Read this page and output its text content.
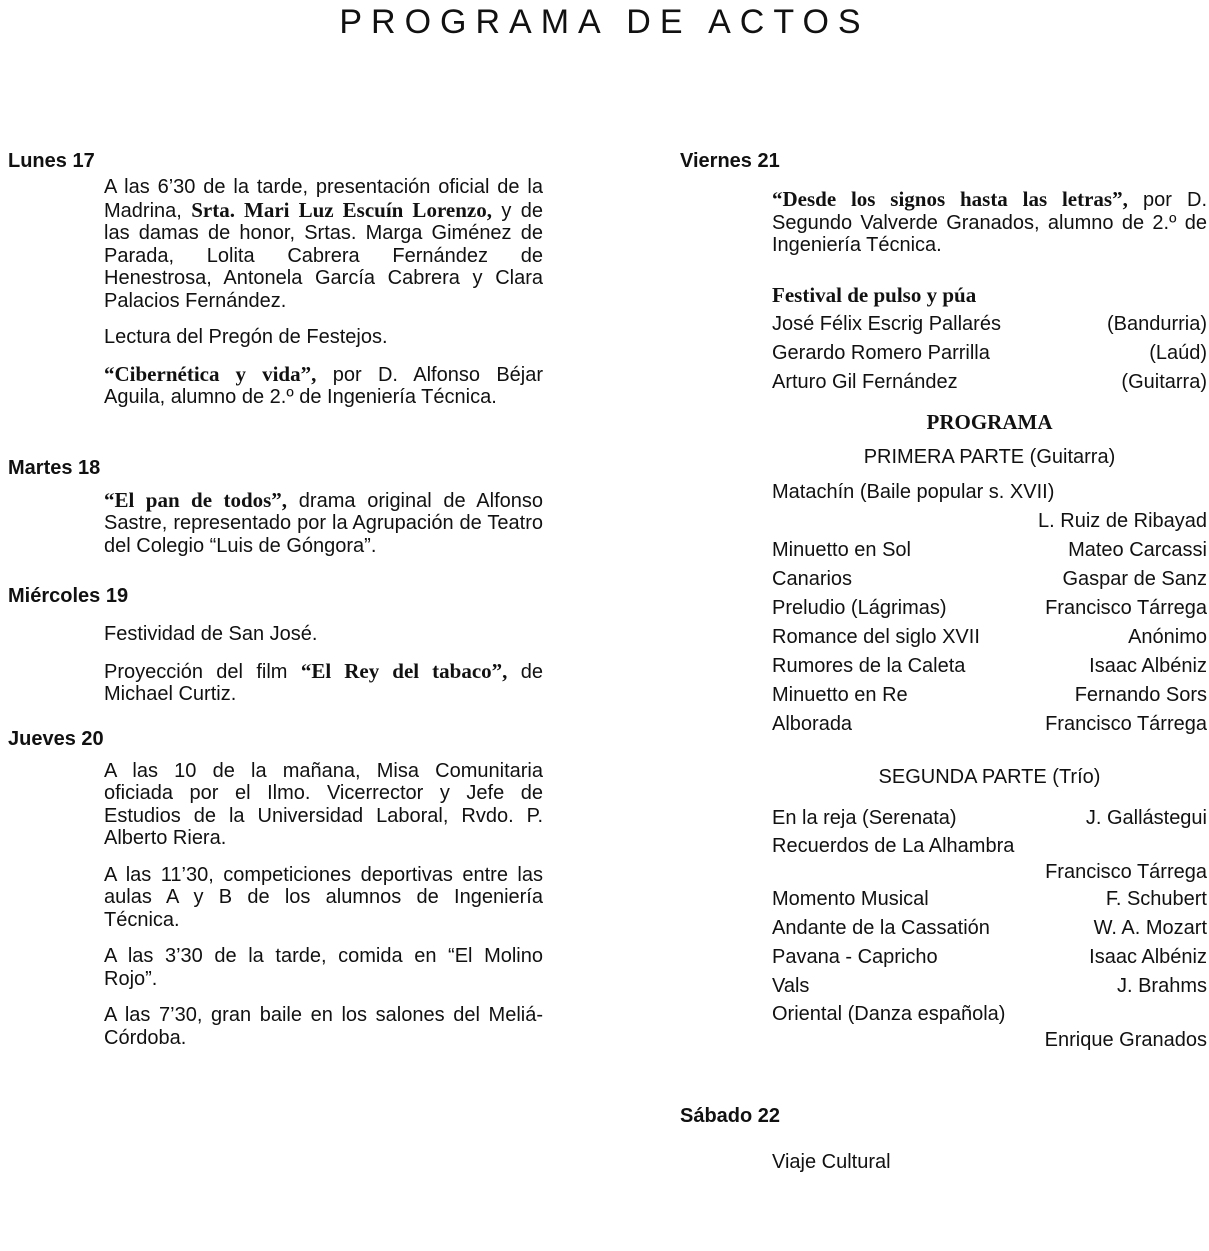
PROGRAMA DE ACTOS
Lunes 17
A las 6’30 de la tarde, presentación oficial de la Madrina, Srta. Mari Luz Escuín Lorenzo, y de las damas de honor, Srtas. Marga Giménez de Parada, Lolita Cabrera Fernández de Henestrosa, Antonela García Cabrera y Clara Palacios Fernández.
Lectura del Pregón de Festejos.
“Cibernética y vida”, por D. Alfonso Béjar Aguila, alumno de 2.º de Ingeniería Técnica.
Martes 18
“El pan de todos”, drama original de Alfonso Sastre, representado por la Agrupación de Teatro del Colegio “Luis de Góngora”.
Miércoles 19
Festividad de San José.
Proyección del film “El Rey del tabaco”, de Michael Curtiz.
Jueves 20
A las 10 de la mañana, Misa Comunitaria oficiada por el Ilmo. Vicerrector y Jefe de Estudios de la Universidad Laboral, Rvdo. P. Alberto Riera.
A las 11’30, competiciones deportivas entre las aulas A y B de los alumnos de Ingeniería Técnica.
A las 3’30 de la tarde, comida en “El Molino Rojo”.
A las 7’30, gran baile en los salones del Meliá-Córdoba.
Viernes 21
“Desde los signos hasta las letras”, por D. Segundo Valverde Granados, alumno de 2.º de Ingeniería Técnica.
Festival de pulso y púa
José Félix Escrig Pallarés	(Bandurria)
Gerardo Romero Parrilla	(Laúd)
Arturo Gil Fernández	(Guitarra)
PROGRAMA
PRIMERA PARTE (Guitarra)
Matachín (Baile popular s. XVII)
L. Ruiz de Ribayad
Minuetto en Sol	Mateo Carcassi
Canarios	Gaspar de Sanz
Preludio (Lágrimas)	Francisco Tárrega
Romance del siglo XVII	Anónimo
Rumores de la Caleta	Isaac Albéniz
Minuetto en Re	Fernando Sors
Alborada	Francisco Tárrega
SEGUNDA PARTE (Trío)
En la reja (Serenata)	J. Gallástegui
Recuerdos de La Alhambra
Francisco Tárrega
Momento Musical	F. Schubert
Andante de la Cassatión	W. A. Mozart
Pavana - Capricho	Isaac Albéniz
Vals	J. Brahms
Oriental (Danza española)
Enrique Granados
Sábado 22
Viaje Cultural
